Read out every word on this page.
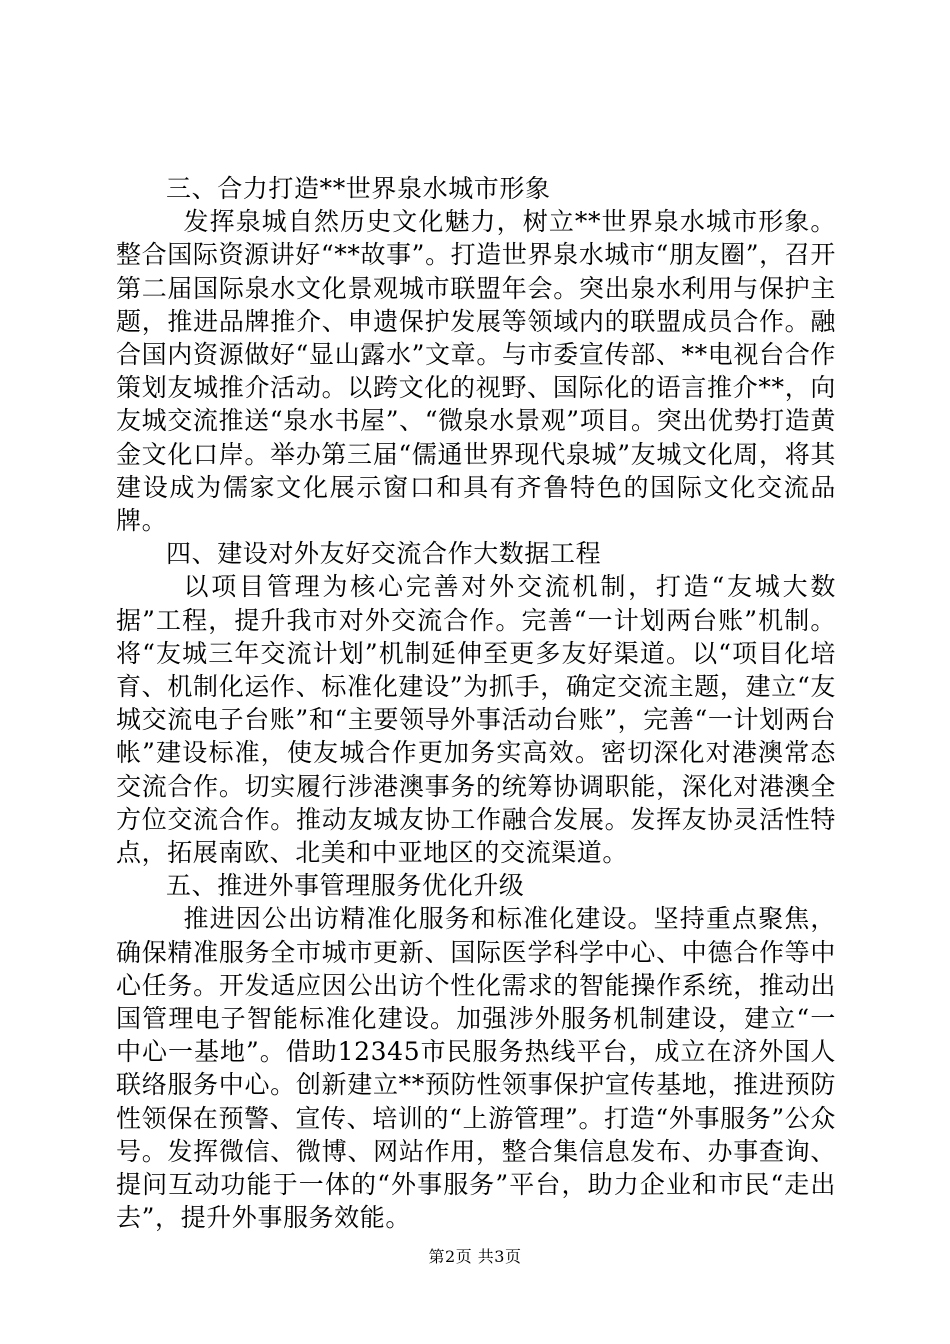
三、合力打造**世界泉水城市形象

发挥泉城自然历史文化魅力，树立**世界泉水城市形象。整合国际资源讲好“**故事”。打造世界泉水城市“朋友圈”，召开第二届国际泉水文化景观城市联盟年会。突出泉水利用与保护主题，推进品牌推介、申遗保护发展等领域内的联盟成员合作。融合国内资源做好“显山露水”文章。与市委宣传部、**电视台合作策划友城推介活动。以跨文化的视野、国际化的语言推介**，向友城交流推送“泉水书屋”、“微泉水景观”项目。突出优势打造黄金文化口岸。举办第三届“儒通世界现代泉城”友城文化周，将其建设成为儒家文化展示窗口和具有齐鲁特色的国际文化交流品牌。

四、建设对外友好交流合作大数据工程

以项目管理为核心完善对外交流机制，打造“友城大数据”工程，提升我市对外交流合作。完善“一计划两台账”机制。将“友城三年交流计划”机制延伸至更多友好渠道。以“项目化培育、机制化运作、标准化建设”为抓手，确定交流主题，建立“友城交流电子台账”和“主要领导外事活动台账”，完善“一计划两台帐”建设标准，使友城合作更加务实高效。密切深化对港澳常态交流合作。切实履行涉港澳事务的统筹协调职能，深化对港澳全方位交流合作。推动友城友协工作融合发展。发挥友协灵活性特点，拓展南欧、北美和中亚地区的交流渠道。

五、推进外事管理服务优化升级

推进因公出访精准化服务和标准化建设。坚持重点聚焦，确保精准服务全市城市更新、国际医学科学中心、中德合作等中心任务。开发适应因公出访个性化需求的智能操作系统，推动出国管理电子智能标准化建设。加强涉外服务机制建设，建立“一中心一基地”。借助12345市民服务热线平台，成立在济外国人联络服务中心。创新建立**预防性领事保护宣传基地，推进预防性领保在预警、宣传、培训的“上游管理”。打造“外事服务”公众号。发挥微信、微博、网站作用，整合集信息发布、办事查询、提问互动功能于一体的“外事服务”平台，助力企业和市民“走出去”，提升外事服务效能。

第2页 共3页
